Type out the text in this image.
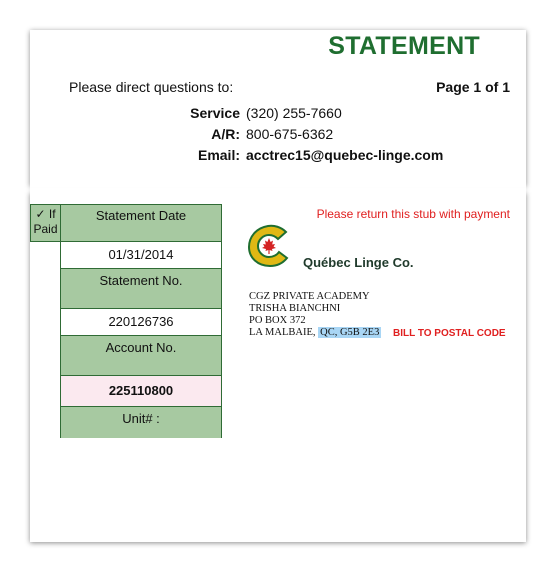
STATEMENT
Please direct questions to:	Page 1 of 1
Service (320) 255-7660
A/R: 800-675-6362
Email: acctrec15@quebec-linge.com
✓ If Paid
Statement Date
01/31/2014
Statement No.
220126736
Account No.
225110800
Unit# :
Please return this stub with payment
Québec Linge Co.
CGZ PRIVATE ACADEMY
TRISHA BIANCHNI
PO BOX 372
LA MALBAIE, QC, G5B 2E3 BILL TO POSTAL CODE
